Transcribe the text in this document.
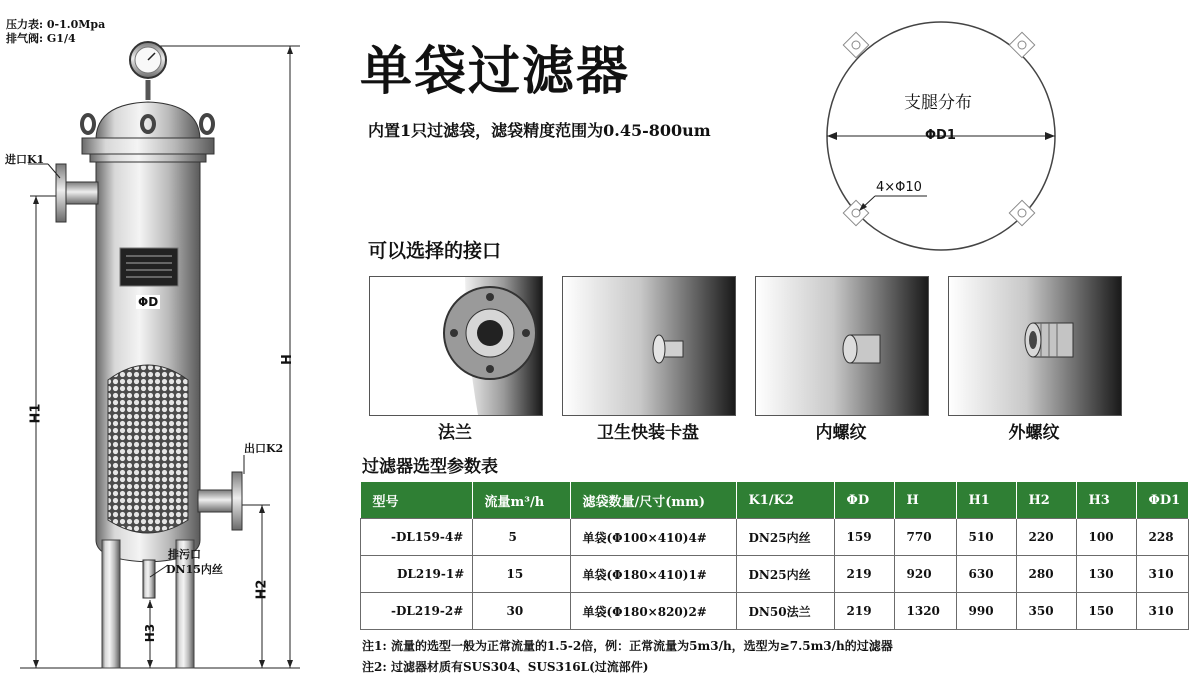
压力表: 0-1.0Mpa
排气阀: G1/4
进口K1
出口K2
排污口
DN15内丝
ΦD
H
H1
H2
H3
单袋过滤器
内置1只过滤袋，滤袋精度范围为0.45-800um
支腿分布
ΦD1
4×Φ10
可以选择的接口
法兰	卫生快装卡盘	内螺纹	外螺纹
过滤器选型参数表
型号	流量m³/h	滤袋数量/尺寸(mm)	K1/K2	ΦD	H	H1	H2	H3	ΦD1
-DL159-4#	5	单袋(Φ100×410)4#	DN25内丝	159	770	510	220	100	228
DL219-1#	15	单袋(Φ180×410)1#	DN25内丝	219	920	630	280	130	310
-DL219-2#	30	单袋(Φ180×820)2#	DN50法兰	219	1320	990	350	150	310
注1: 流量的选型一般为正常流量的1.5-2倍，例：正常流量为5m3/h，选型为≥7.5m3/h的过滤器
注2: 过滤器材质有SUS304、SUS316L(过流部件)
